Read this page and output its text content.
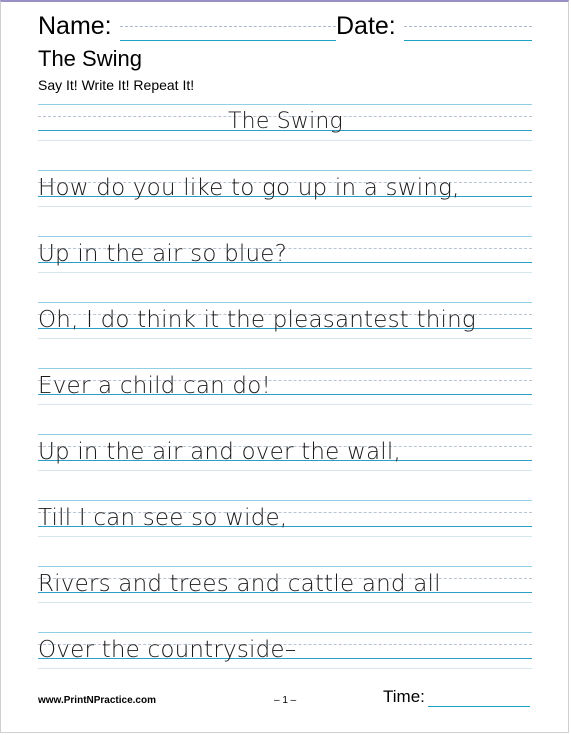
Name:	Date:
The Swing
Say It! Write It! Repeat It!
The Swing
How do you like to go up in a swing,
Up in the air so blue?
Oh, I do think it the pleasantest thing
Ever a child can do!
Up in the air and over the wall,
Till I can see so wide,
Rivers and trees and cattle and all
Over the countryside–
www.PrintNPractice.com	– 1 –	Time:
